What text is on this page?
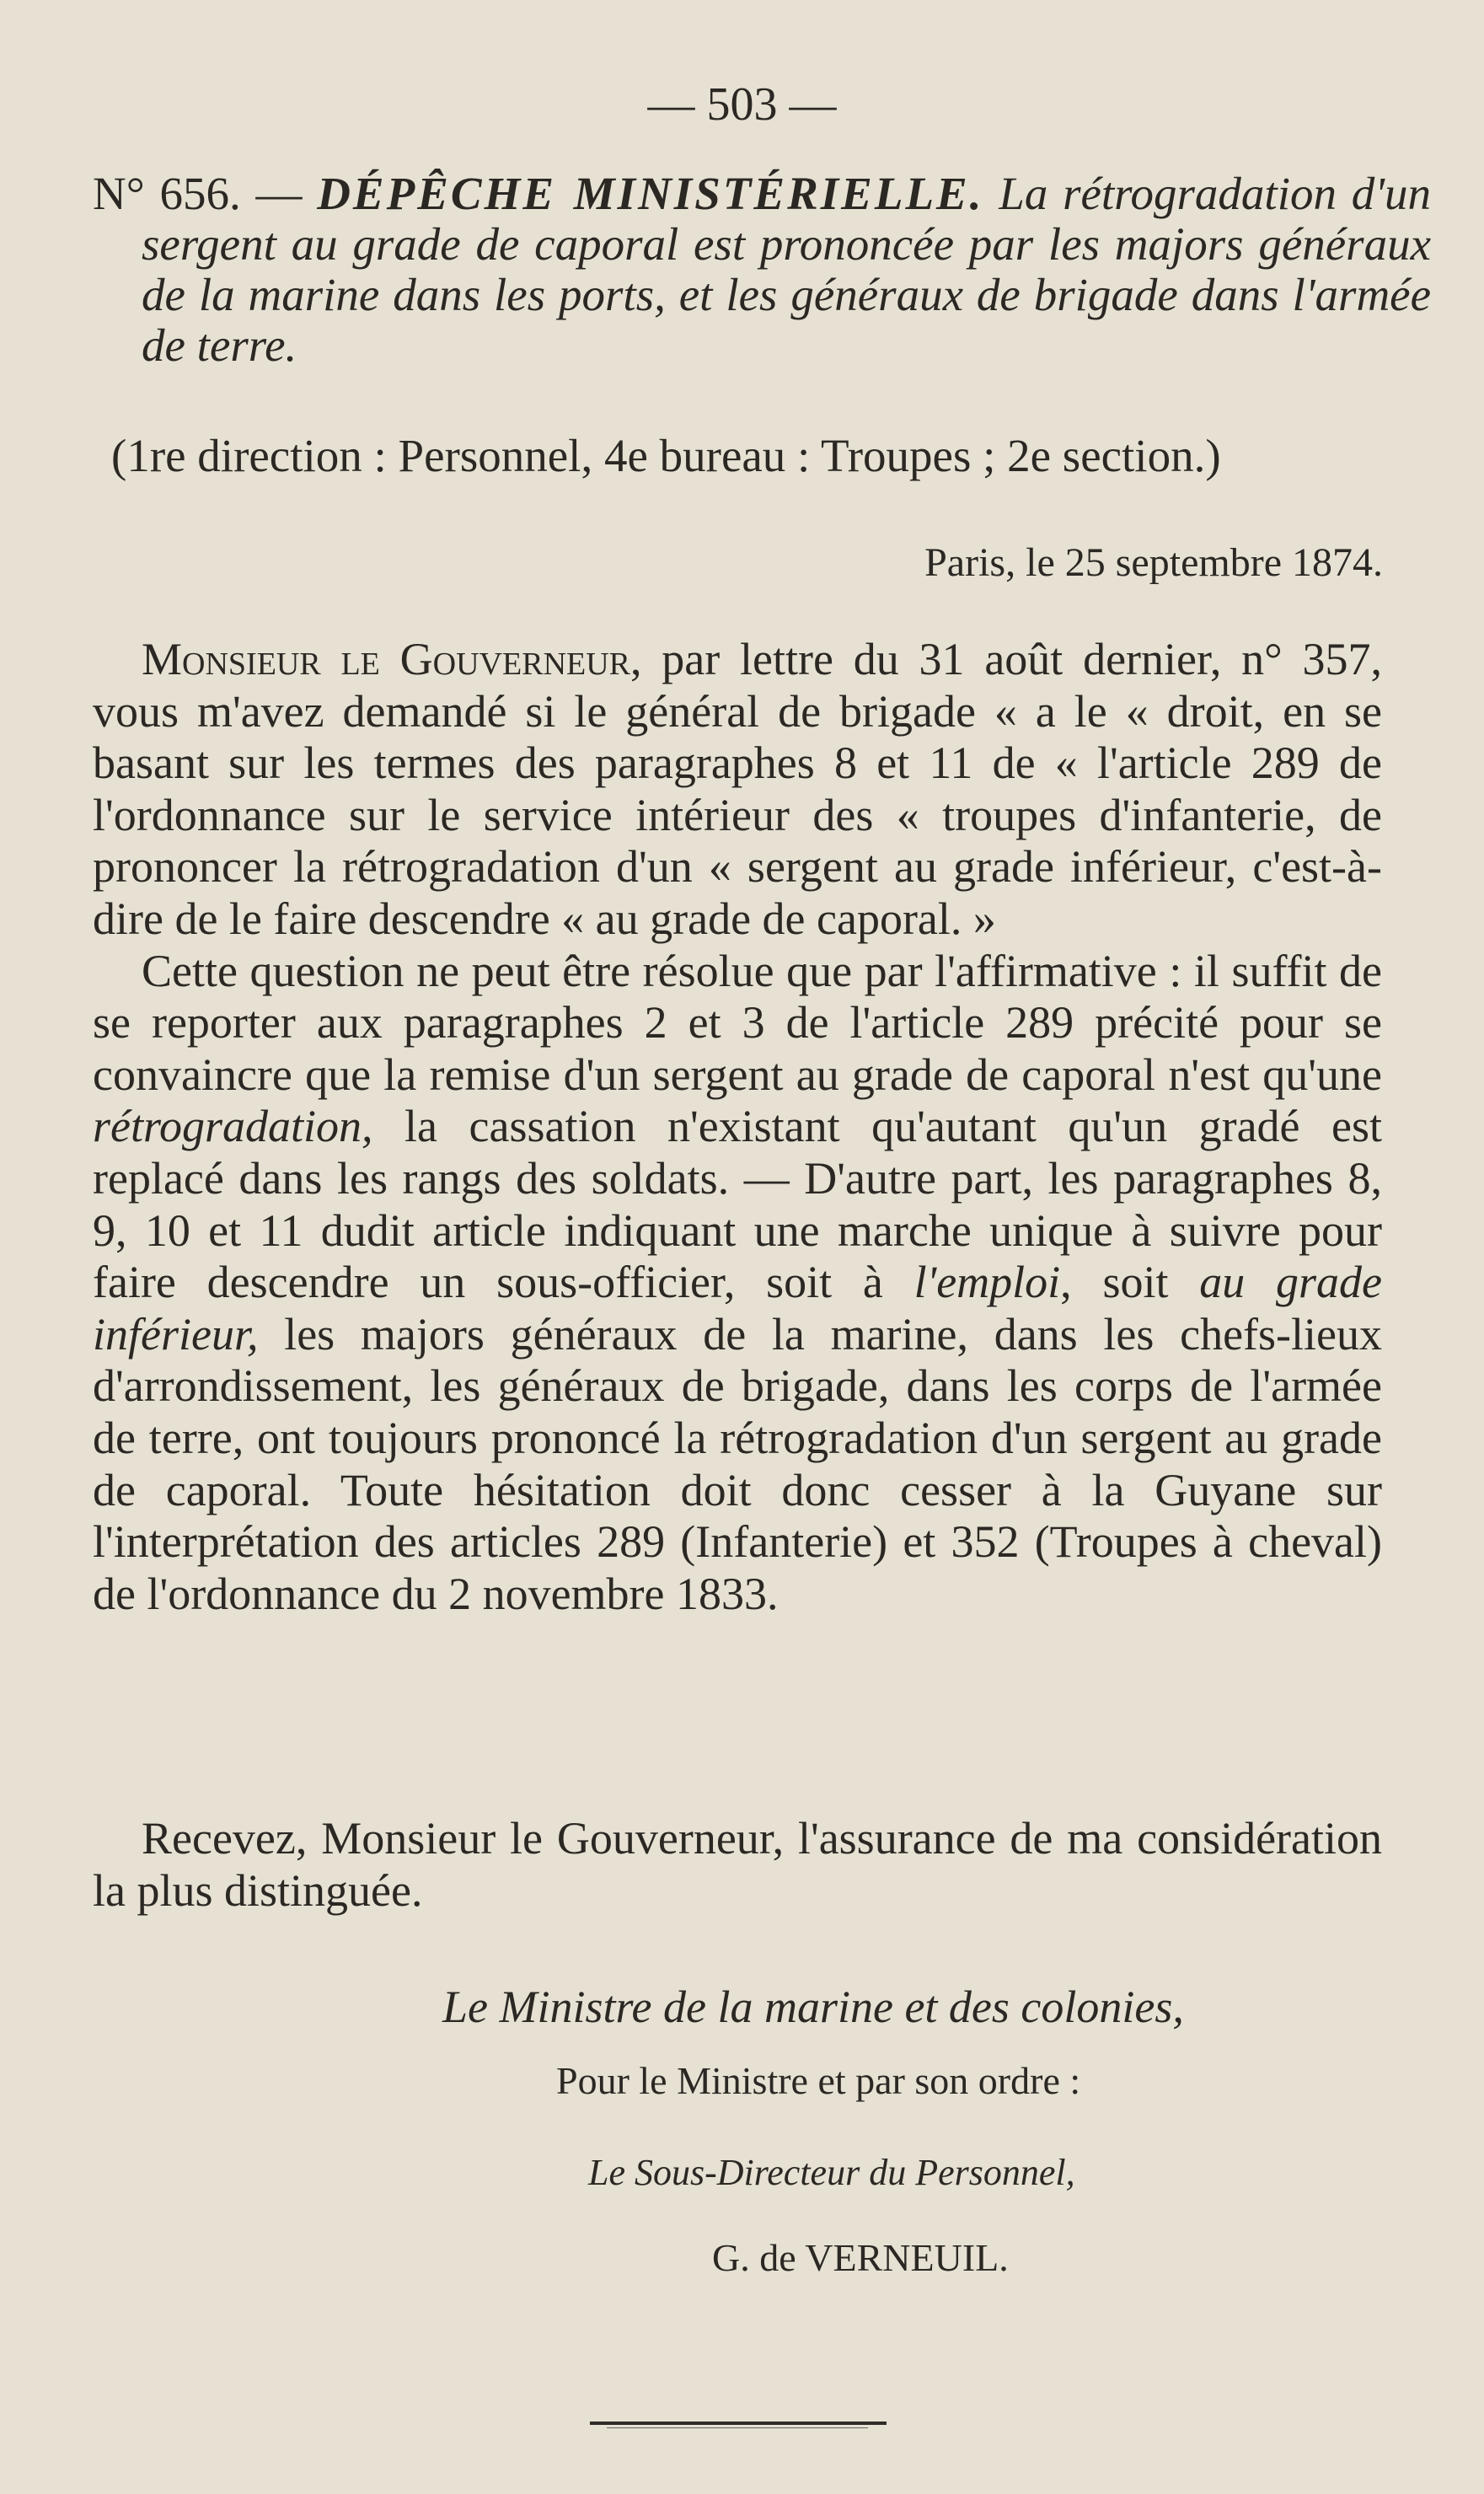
— 503 —

N° 656. — DÉPÊCHE MINISTÉRIELLE. La rétrogradation d'un sergent au grade de caporal est prononcée par les majors généraux de la marine dans les ports, et les généraux de brigade dans l'armée de terre.

(1re direction : Personnel, 4e bureau : Troupes ; 2e section.)

Paris, le 25 septembre 1874.

Monsieur le Gouverneur, par lettre du 31 août dernier, n° 357, vous m'avez demandé si le général de brigade « a le « droit, en se basant sur les termes des paragraphes 8 et 11 de « l'article 289 de l'ordonnance sur le service intérieur des « troupes d'infanterie, de prononcer la rétrogradation d'un « sergent au grade inférieur, c'est-à-dire de le faire descendre « au grade de caporal. »

Cette question ne peut être résolue que par l'affirmative : il suffit de se reporter aux paragraphes 2 et 3 de l'article 289 précité pour se convaincre que la remise d'un sergent au grade de caporal n'est qu'une rétrogradation, la cassation n'existant qu'autant qu'un gradé est replacé dans les rangs des soldats. — D'autre part, les paragraphes 8, 9, 10 et 11 dudit article indiquant une marche unique à suivre pour faire descendre un sous-officier, soit à l'emploi, soit au grade inférieur, les majors généraux de la marine, dans les chefs-lieux d'arrondissement, les généraux de brigade, dans les corps de l'armée de terre, ont toujours prononcé la rétrogradation d'un sergent au grade de caporal. Toute hésitation doit donc cesser à la Guyane sur l'interprétation des articles 289 (Infanterie) et 352 (Troupes à cheval) de l'ordonnance du 2 novembre 1833.

Recevez, Monsieur le Gouverneur, l'assurance de ma considération la plus distinguée.

Le Ministre de la marine et des colonies,
Pour le Ministre et par son ordre :
Le Sous-Directeur du Personnel,
G. de VERNEUIL.
